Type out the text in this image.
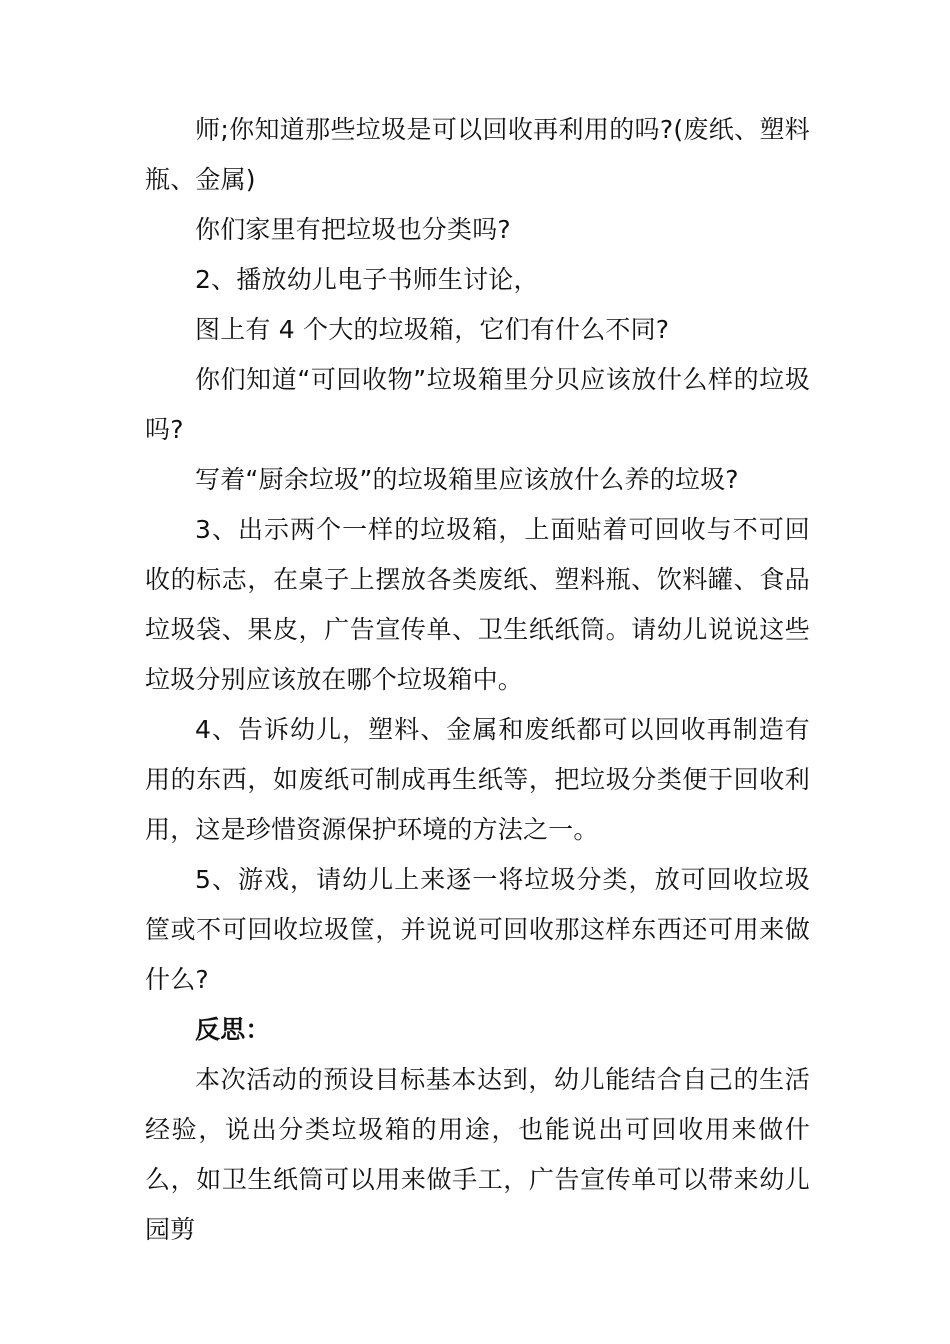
师;你知道那些垃圾是可以回收再利用的吗?(废纸、塑料瓶、金属)

你们家里有把垃圾也分类吗?

2、播放幼儿电子书师生讨论，

图上有 4 个大的垃圾箱，它们有什么不同?

你们知道“可回收物”垃圾箱里分贝应该放什么样的垃圾吗?

写着“厨余垃圾”的垃圾箱里应该放什么养的垃圾?

3、出示两个一样的垃圾箱，上面贴着可回收与不可回收的标志，在桌子上摆放各类废纸、塑料瓶、饮料罐、食品垃圾袋、果皮，广告宣传单、卫生纸纸筒。请幼儿说说这些垃圾分别应该放在哪个垃圾箱中。

4、告诉幼儿，塑料、金属和废纸都可以回收再制造有用的东西，如废纸可制成再生纸等，把垃圾分类便于回收利用，这是珍惜资源保护环境的方法之一。

5、游戏，请幼儿上来逐一将垃圾分类，放可回收垃圾筐或不可回收垃圾筐，并说说可回收那这样东西还可用来做什么?

反思：

本次活动的预设目标基本达到，幼儿能结合自己的生活经验，说出分类垃圾箱的用途，也能说出可回收用来做什么，如卫生纸筒可以用来做手工，广告宣传单可以带来幼儿园剪
